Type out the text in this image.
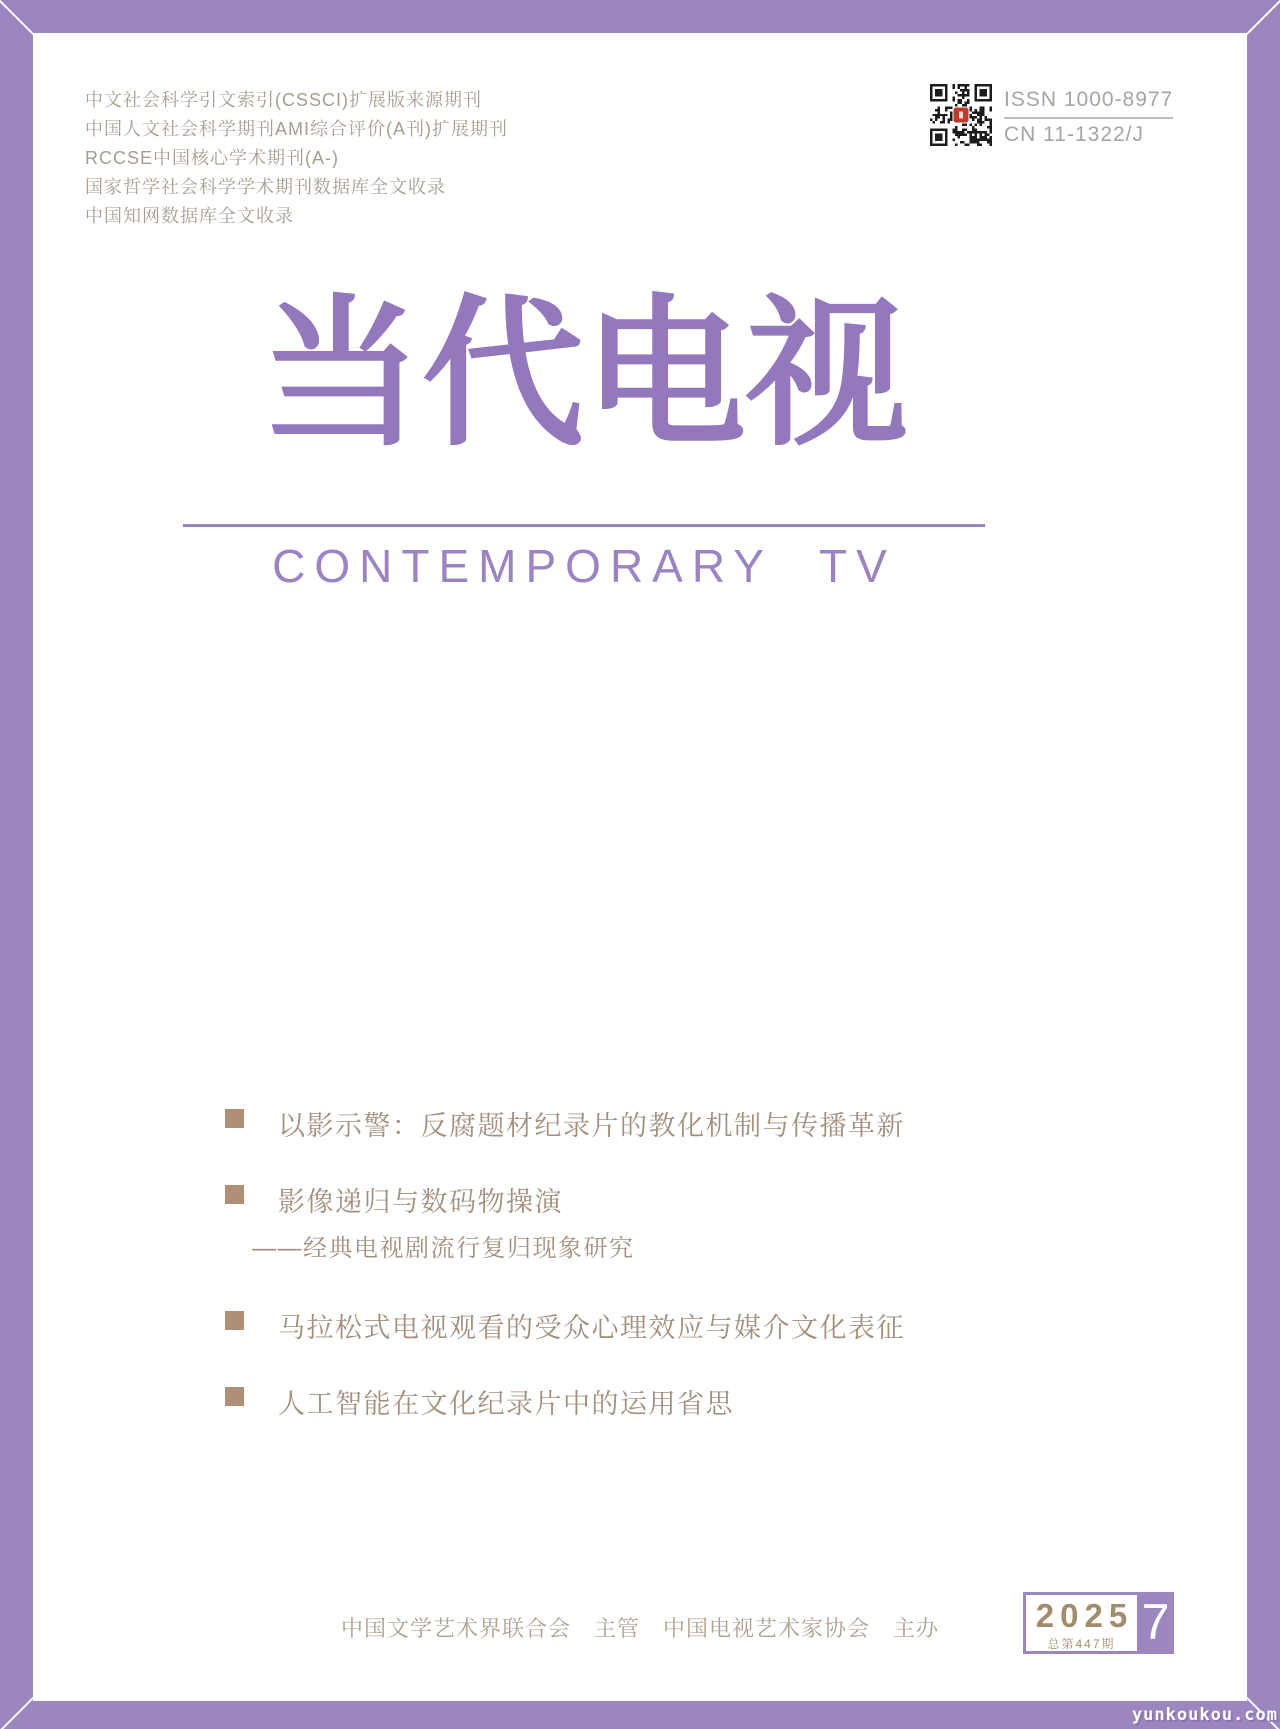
中文社会科学引文索引(CSSCI)扩展版来源期刊
中国人文社会科学期刊AMI综合评价(A刊)扩展期刊
RCCSE中国核心学术期刊(A-)
国家哲学社会科学学术期刊数据库全文收录
中国知网数据库全文收录
ISSN 1000-8977
CN 11-1322/J
当代电视
CONTEMPORARY TV
以影示警：反腐题材纪录片的教化机制与传播革新
影像递归与数码物操演
——经典电视剧流行复归现象研究
马拉松式电视观看的受众心理效应与媒介文化表征
人工智能在文化纪录片中的运用省思
中国文学艺术界联合会　主管　中国电视艺术家协会　主办	2025
总第447期 7
yunkoukou.com
